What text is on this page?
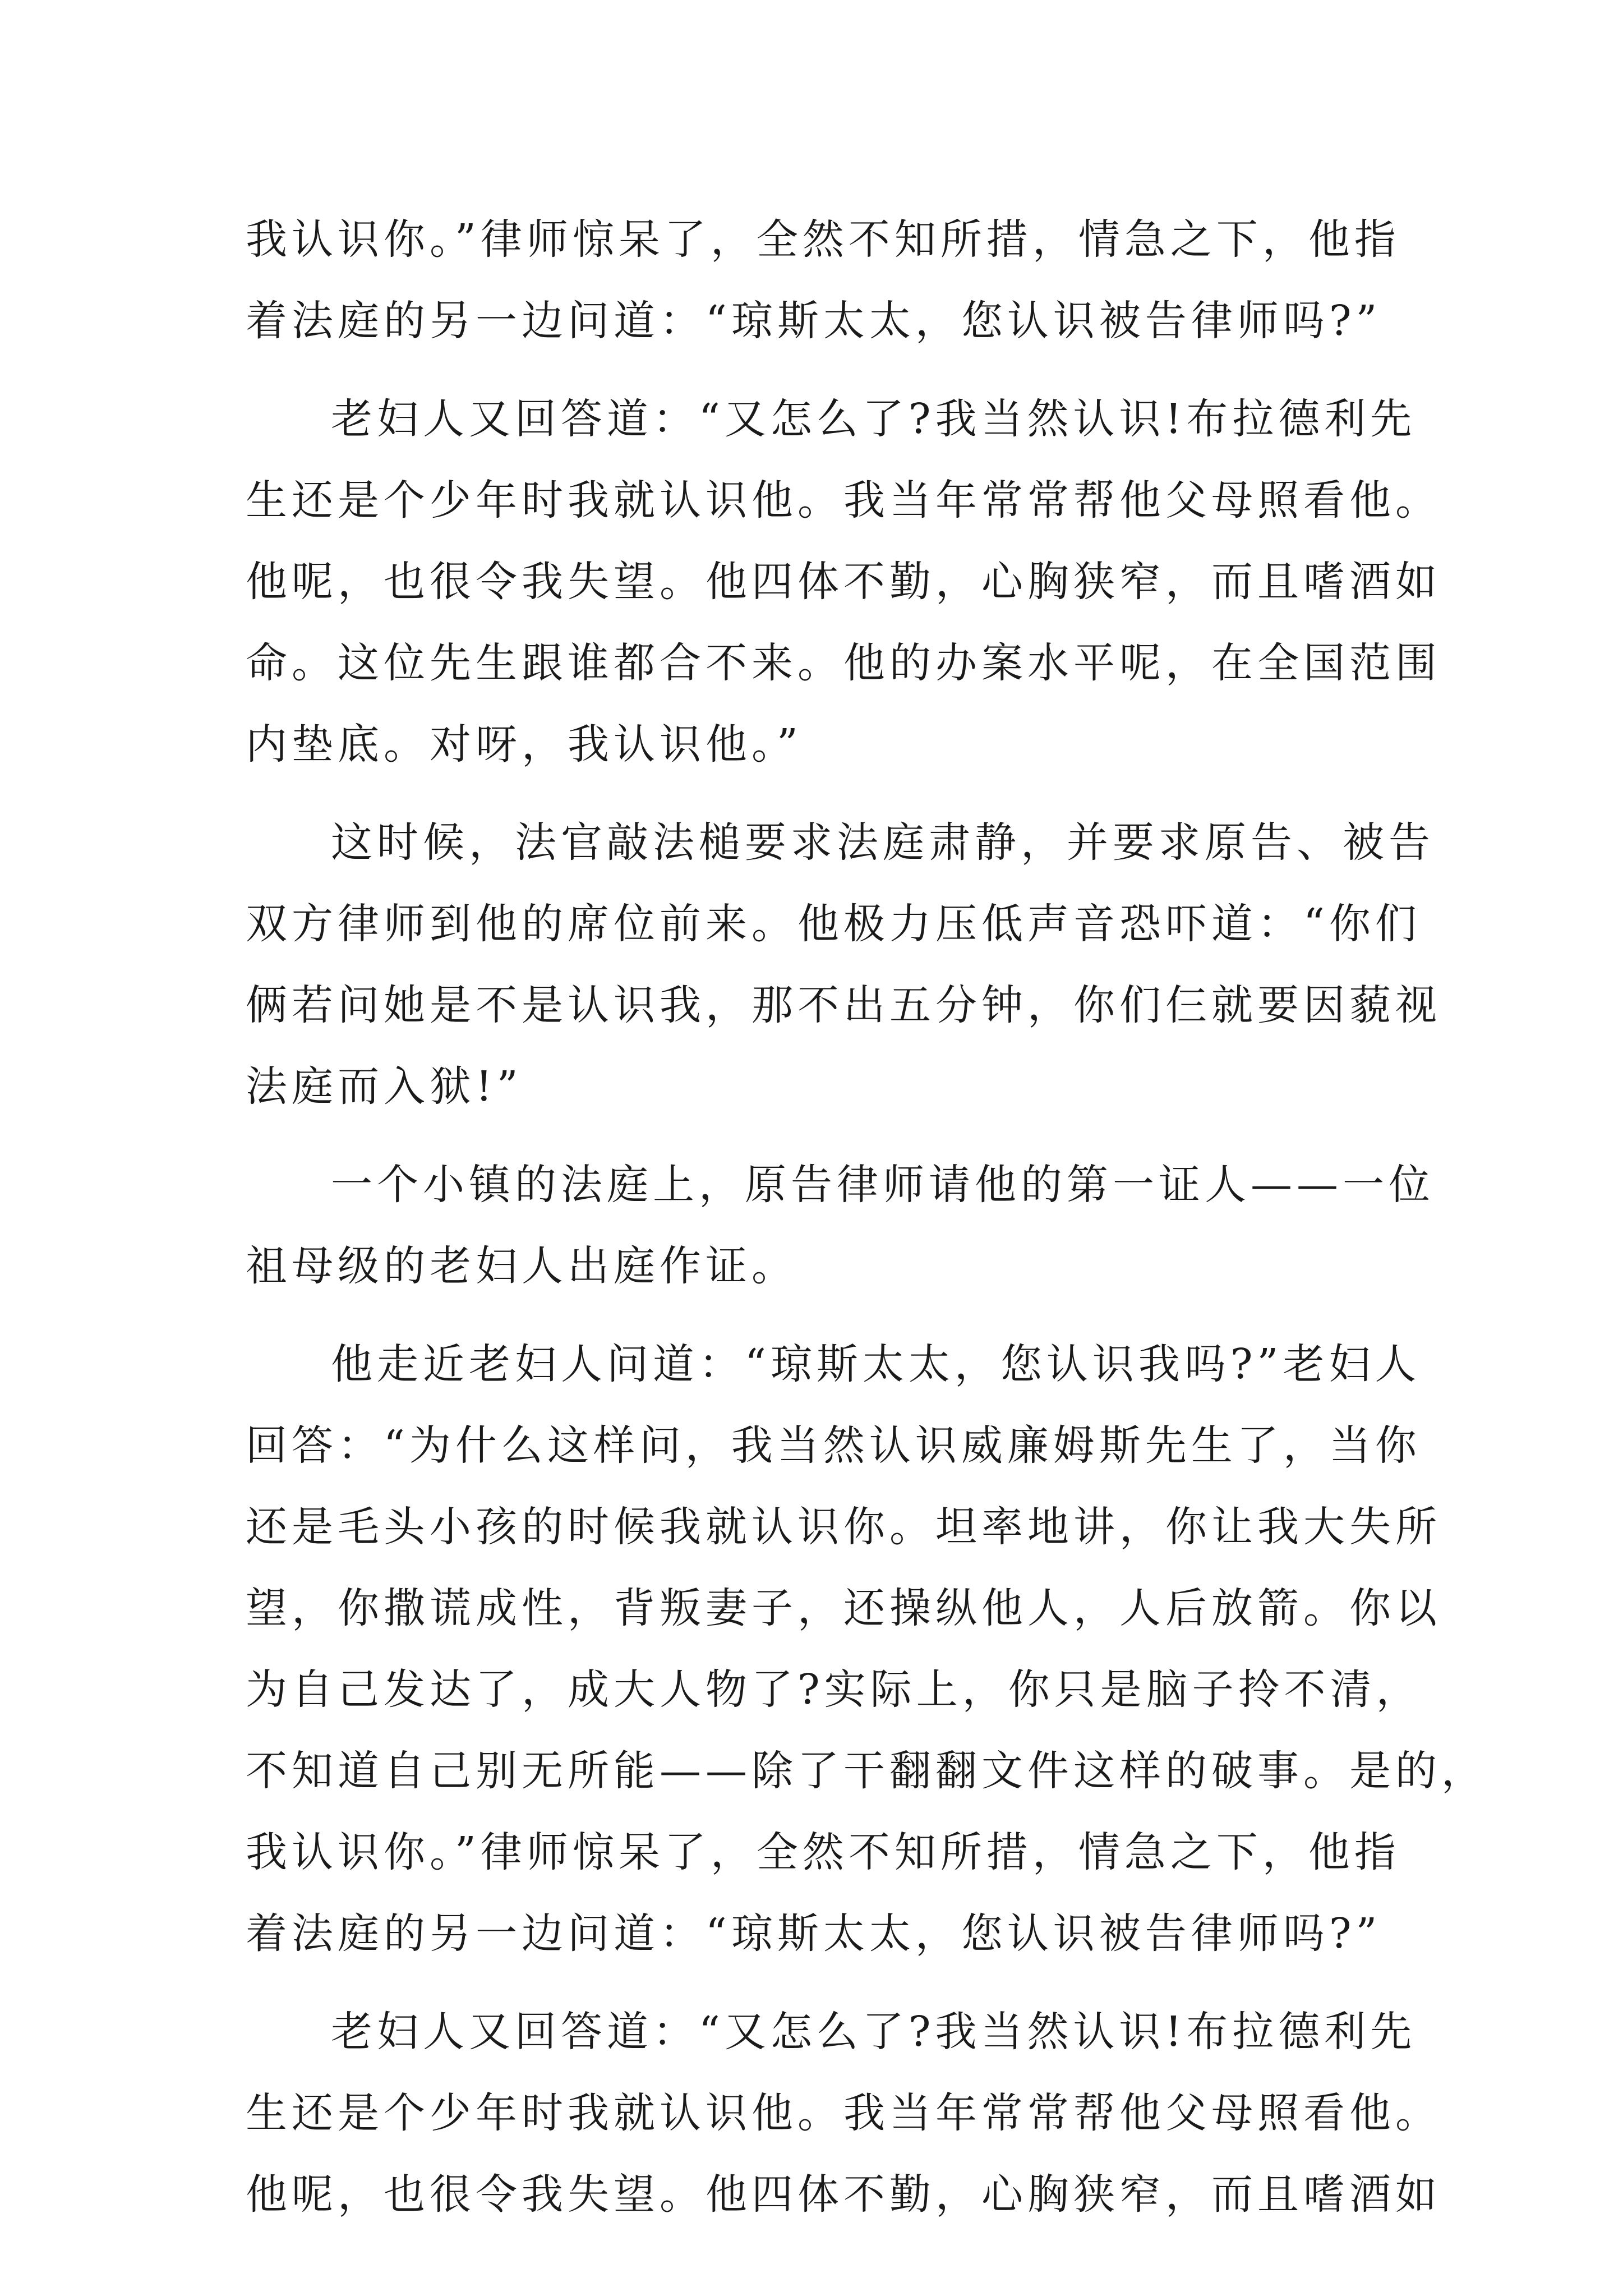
我认识你。”律师惊呆了，全然不知所措，情急之下，他指
着法庭的另一边问道：“琼斯太太，您认识被告律师吗?”
老妇人又回答道：“又怎么了?我当然认识!布拉德利先
生还是个少年时我就认识他。我当年常常帮他父母照看他。
他呢，也很令我失望。他四体不勤，心胸狭窄，而且嗜酒如
命。这位先生跟谁都合不来。他的办案水平呢，在全国范围
内垫底。对呀，我认识他。”
这时候，法官敲法槌要求法庭肃静，并要求原告、被告
双方律师到他的席位前来。他极力压低声音恐吓道：“你们
俩若问她是不是认识我，那不出五分钟，你们仨就要因藐视
法庭而入狱!”
一个小镇的法庭上，原告律师请他的第一证人——一位
祖母级的老妇人出庭作证。
他走近老妇人问道：“琼斯太太，您认识我吗?”老妇人
回答：“为什么这样问，我当然认识威廉姆斯先生了，当你
还是毛头小孩的时候我就认识你。坦率地讲，你让我大失所
望，你撒谎成性，背叛妻子，还操纵他人，人后放箭。你以
为自己发达了，成大人物了?实际上，你只是脑子拎不清，
不知道自己别无所能——除了干翻翻文件这样的破事。是的，
我认识你。”律师惊呆了，全然不知所措，情急之下，他指
着法庭的另一边问道：“琼斯太太，您认识被告律师吗?”
老妇人又回答道：“又怎么了?我当然认识!布拉德利先
生还是个少年时我就认识他。我当年常常帮他父母照看他。
他呢，也很令我失望。他四体不勤，心胸狭窄，而且嗜酒如
